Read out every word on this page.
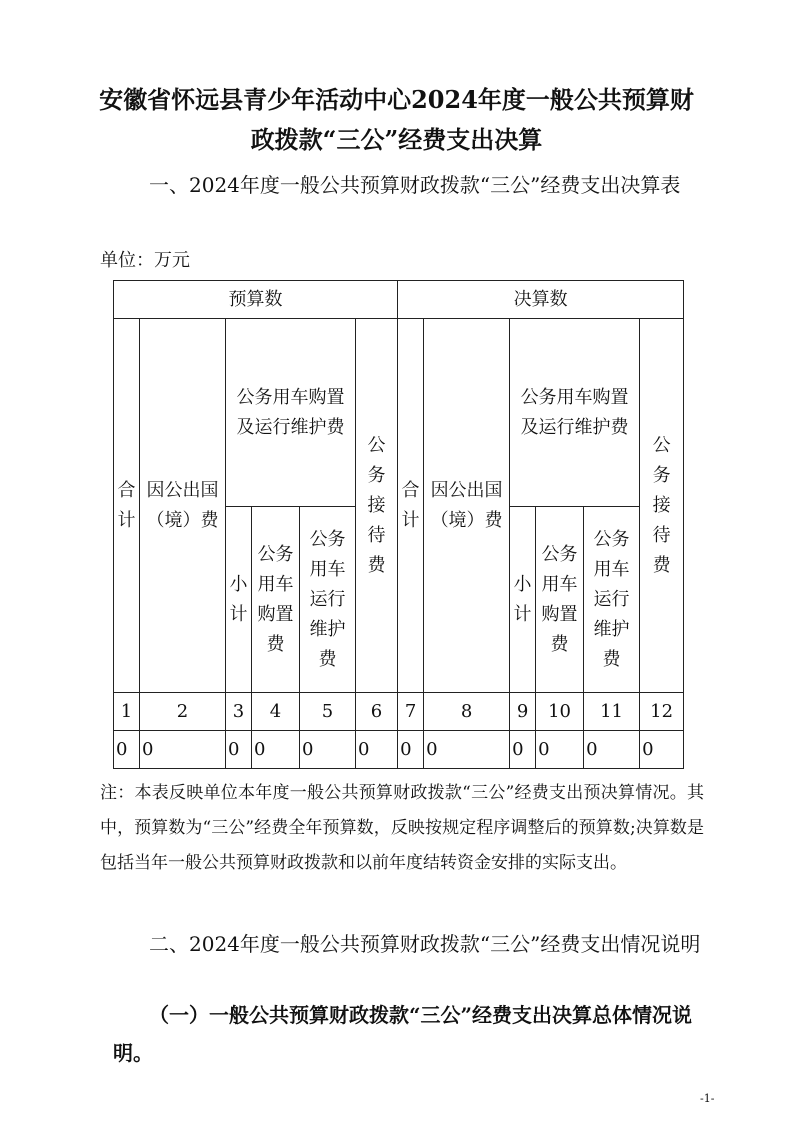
安徽省怀远县青少年活动中心2024年度一般公共预算财
政拨款“三公”经费支出决算
一、2024年度一般公共预算财政拨款“三公”经费支出决算表
单位：万元
预算数						决算数					
合计	因公出国（境）费	公务用车购置及运行维护费			公务接待费	合计	因公出国（境）费	公务用车购置及运行维护费			公务接待费
		小计	公务用车购置费	公务用车运行维护费				小计	公务用车购置费	公务用车运行维护费	
1	2	3	4	5	6	7	8	9	10	11	12

0	0	0	0	0	0	0	0	0	0	0	0
注：本表反映单位本年度一般公共预算财政拨款“三公”经费支出预决算情况。其中，预算数为“三公”经费全年预算数，反映按规定程序调整后的预算数;决算数是包括当年一般公共预算财政拨款和以前年度结转资金安排的实际支出。
二、2024年度一般公共预算财政拨款“三公”经费支出情况说明
（一）一般公共预算财政拨款“三公”经费支出决算总体情况说明。
-1-
